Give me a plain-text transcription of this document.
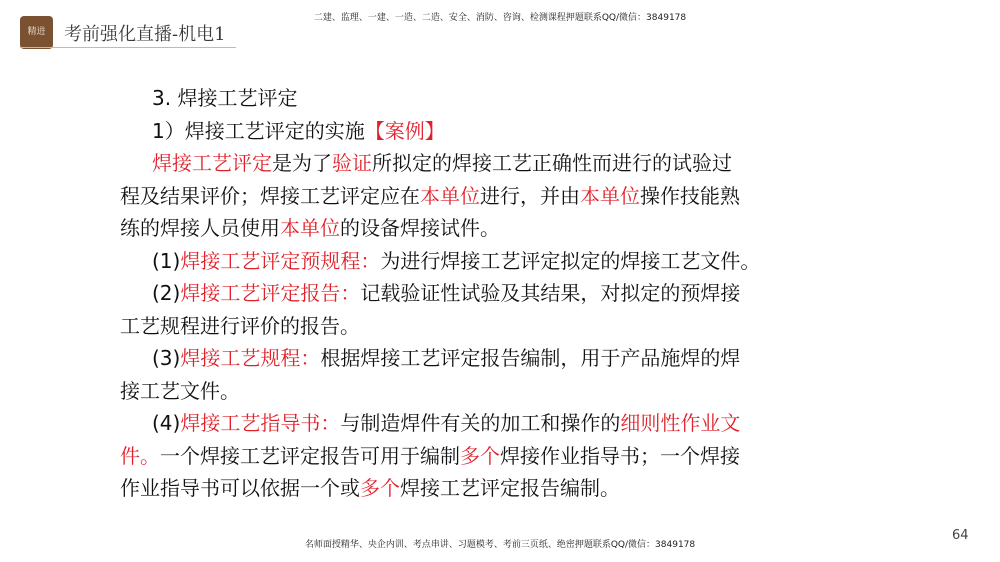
精进	考前强化直播-机电1
二建、监理、一建、一造、二造、安全、消防、咨询、检测课程押题联系QQ/微信：3849178
3. 焊接工艺评定
1）焊接工艺评定的实施【案例】
焊接工艺评定是为了验证所拟定的焊接工艺正确性而进行的试验过
程及结果评价；焊接工艺评定应在本单位进行，并由本单位操作技能熟
练的焊接人员使用本单位的设备焊接试件。
(1)焊接工艺评定预规程：为进行焊接工艺评定拟定的焊接工艺文件。
(2)焊接工艺评定报告：记载验证性试验及其结果，对拟定的预焊接
工艺规程进行评价的报告。
(3)焊接工艺规程：根据焊接工艺评定报告编制，用于产品施焊的焊
接工艺文件。
(4)焊接工艺指导书：与制造焊件有关的加工和操作的细则性作业文
件。一个焊接工艺评定报告可用于编制多个焊接作业指导书；一个焊接
作业指导书可以依据一个或多个焊接工艺评定报告编制。
名师面授精华、央企内训、考点串讲、习题模考、考前三页纸、绝密押题联系QQ/微信：3849178
64
